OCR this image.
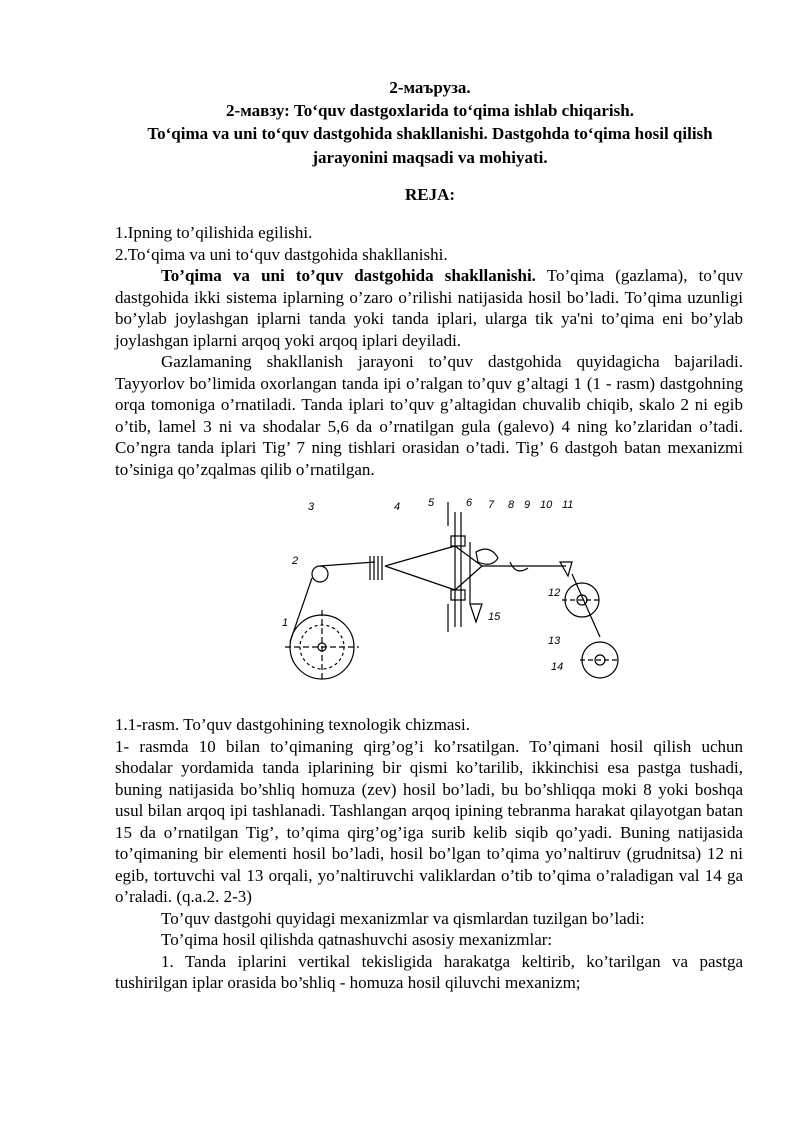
2-маъруза.
2-мавзу: To‘quv dastgoxlarida to‘qima ishlab chiqarish.
To‘qima va uni to‘quv dastgohida shakllanishi. Dastgohda to‘qima hosil qilish
jarayonini maqsadi va mohiyati.
REJA:

1.Ipning to’qilishida egilishi.

2.To‘qima va uni to‘quv dastgohida shakllanishi.

To’qima va uni to’quv dastgohida shakllanishi. To’qima (gazlama), to’quv dastgohida ikki sistema iplarning o’zaro o’rilishi natijasida hosil bo’ladi. To’qima uzunligi bo’ylab joylashgan iplarni tanda yoki tanda iplari, ularga tik ya'ni to’qima eni bo’ylab joylashgan iplarni arqoq yoki arqoq iplari deyiladi.

Gazlamaning shakllanish jarayoni to’quv dastgohida quyidagicha bajariladi. Tayyorlov bo’limida oxorlangan tanda ipi o’ralgan to’quv g’altagi 1 (1 - rasm) dastgohning orqa tomoniga o’rnatiladi. Tanda iplari to’quv g’altagidan chuvalib chiqib, skalo 2 ni egib o’tib, lamel 3 ni va shodalar 5,6 da o’rnatilgan gula (galevo) 4 ning ko’zlaridan o’tadi. Co’ngra tanda iplari Tig’ 7 ning tishlari orasidan o’tadi. Tig’ 6 dastgoh batan mexanizmi to’siniga qo’zqalmas qilib o’rnatilgan.

3
2
1
4	5	6 7 8 9 10 11
12
13
14
15

1.1-rasm. To’quv dastgohining texnologik chizmasi.

1- rasmda 10 bilan to’qimaning qirg’og’i ko’rsatilgan. To’qimani hosil qilish uchun shodalar yordamida tanda iplarining bir qismi ko’tarilib, ikkinchisi esa pastga tushadi, buning natijasida bo’shliq homuza (zev) hosil bo’ladi, bu bo’shliqqa moki 8 yoki boshqa usul bilan arqoq ipi tashlanadi. Tashlangan arqoq ipining tebranma harakat qilayotgan batan 15 da o’rnatilgan Tig’, to’qima qirg’og’iga surib kelib siqib qo’yadi. Buning natijasida to’qimaning bir elementi hosil bo’ladi, hosil bo’lgan to’qima yo’naltiruv (grudnitsa) 12 ni egib, tortuvchi val 13 orqali, yo’naltiruvchi valiklardan o’tib to’qima o’raladigan val 14 ga o’raladi. (q.a.2. 2-3)

To’quv dastgohi quyidagi mexanizmlar va qismlardan tuzilgan bo’ladi:

To’qima hosil qilishda qatnashuvchi asosiy mexanizmlar:

1. Tanda iplarini vertikal tekisligida harakatga keltirib, ko’tarilgan va pastga tushirilgan iplar orasida bo’shliq - homuza hosil qiluvchi mexanizm;
